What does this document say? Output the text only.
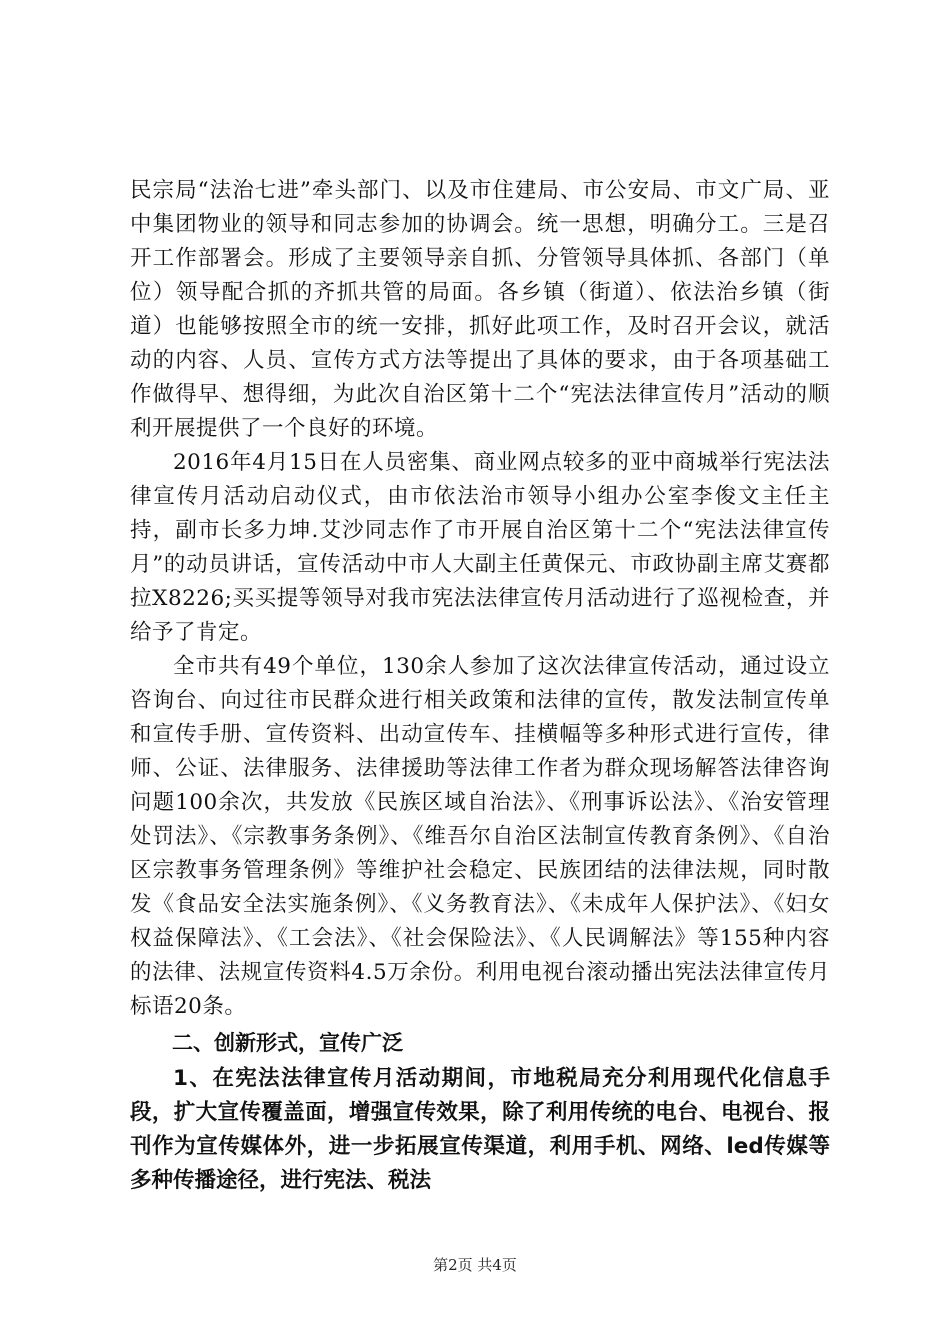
民宗局“法治七进”牵头部门、以及市住建局、市公安局、市文广局、亚中集团物业的领导和同志参加的协调会。统一思想，明确分工。三是召开工作部署会。形成了主要领导亲自抓、分管领导具体抓、各部门（单位）领导配合抓的齐抓共管的局面。各乡镇（街道）、依法治乡镇（街道）也能够按照全市的统一安排，抓好此项工作，及时召开会议，就活动的内容、人员、宣传方式方法等提出了具体的要求，由于各项基础工作做得早、想得细，为此次自治区第十二个“宪法法律宣传月”活动的顺利开展提供了一个良好的环境。

2016年4月15日在人员密集、商业网点较多的亚中商城举行宪法法律宣传月活动启动仪式，由市依法治市领导小组办公室李俊文主任主持，副市长多力坤.艾沙同志作了市开展自治区第十二个“宪法法律宣传月”的动员讲话，宣传活动中市人大副主任黄保元、市政协副主席艾赛都拉X8226;买买提等领导对我市宪法法律宣传月活动进行了巡视检查，并给予了肯定。

全市共有49个单位，130余人参加了这次法律宣传活动，通过设立咨询台、向过往市民群众进行相关政策和法律的宣传，散发法制宣传单和宣传手册、宣传资料、出动宣传车、挂横幅等多种形式进行宣传，律师、公证、法律服务、法律援助等法律工作者为群众现场解答法律咨询问题100余次，共发放《民族区域自治法》、《刑事诉讼法》、《治安管理处罚法》、《宗教事务条例》、《维吾尔自治区法制宣传教育条例》、《自治区宗教事务管理条例》等维护社会稳定、民族团结的法律法规，同时散发《食品安全法实施条例》、《义务教育法》、《未成年人保护法》、《妇女权益保障法》、《工会法》、《社会保险法》、《人民调解法》等155种内容的法律、法规宣传资料4.5万余份。利用电视台滚动播出宪法法律宣传月标语20条。

二、创新形式，宣传广泛

1、在宪法法律宣传月活动期间，市地税局充分利用现代化信息手段，扩大宣传覆盖面，增强宣传效果，除了利用传统的电台、电视台、报刊作为宣传媒体外，进一步拓展宣传渠道，利用手机、网络、led传媒等多种传播途径，进行宪法、税法

第2页 共4页
